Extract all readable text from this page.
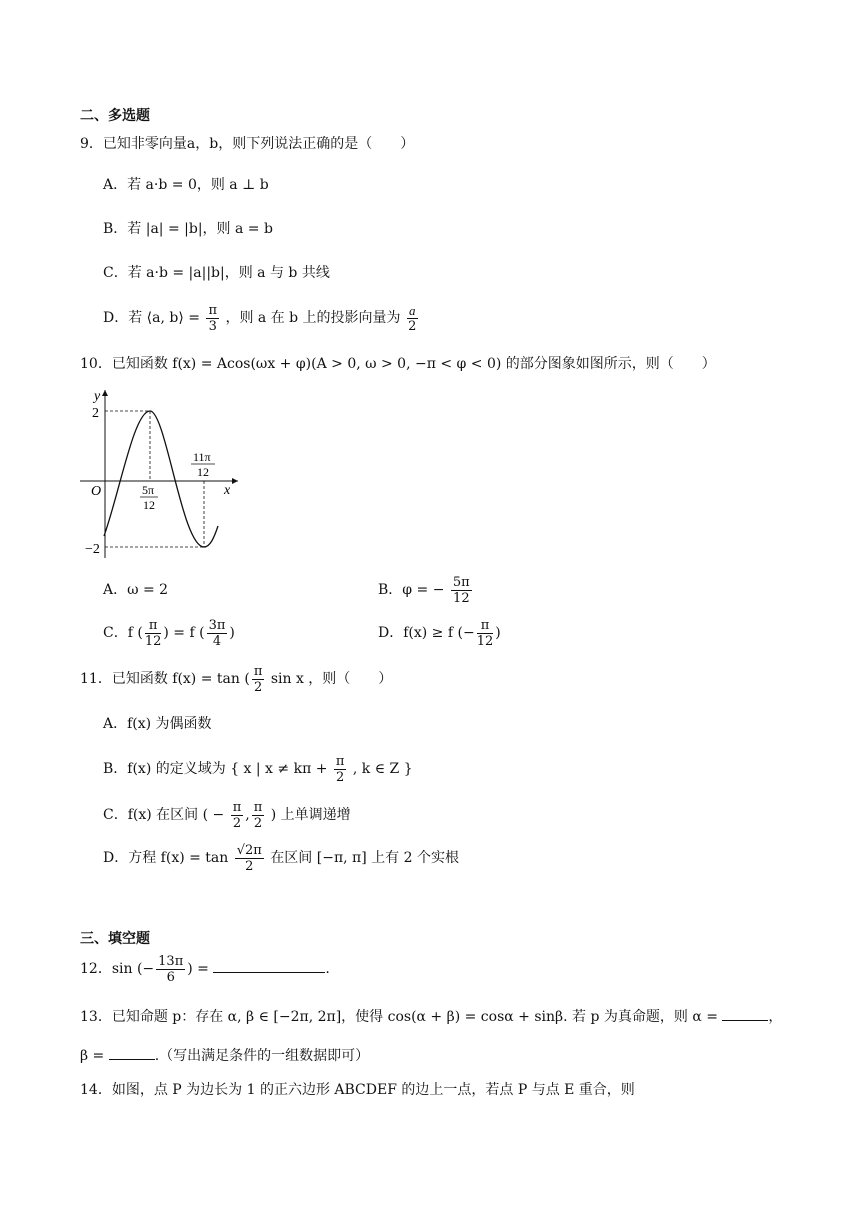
二、多选题
9．已知非零向量a，b，则下列说法正确的是（　　）
A．若 a·b = 0，则 a ⊥ b
B．若 |a| = |b|，则 a = b
C．若 a·b = |a||b|，则 a 与 b 共线
D．若 ⟨a, b⟩ = $\frac{\pi}{3}$ ，则 a 在 b 上的投影向量为 $\frac{a}{2}$
10．已知函数 f(x) = Acos(ωx + φ)(A > 0, ω > 0, −π < φ < 0) 的部分图象如图所示，则（　　）
y
x
O
2
−2
5π
12
11π
12
A．ω = 2	B．φ = − $\frac{5\pi}{12}$
C．f ( $\frac{\pi}{12}$ ) = f ( $\frac{3\pi}{4}$ )	D．f(x) ≥ f (− $\frac{\pi}{12}$ )
11．已知函数 f(x) = tan ( $\frac{\pi}{2}$ sin x ，则（　　）
A．f(x) 为偶函数
B．f(x) 的定义域为 { x | $x \ne k\pi + \frac{\pi}{2}$ , k ∈ Z }
C．f(x) 在区间 ( − $\frac{\pi}{2}$ , $\frac{\pi}{2}$ ) 上单调递增
D．方程 $f(x) = \tan \frac{√2\pi}{2}$ 在区间 [−π, π] 上有 2 个实根
三、填空题
12．sin (− $\frac{13\pi}{6}$ ) =	.
13．已知命题 p：存在 α, β ∈ [−2π, 2π]，使得 cos(α + β) = cosα + sinβ. 若 p 为真命题，则 α =	，
β =	.（写出满足条件的一组数据即可）
14．如图，点 P 为边长为 1 的正六边形 ABCDEF 的边上一点，若点 P 与点 E 重合，则
